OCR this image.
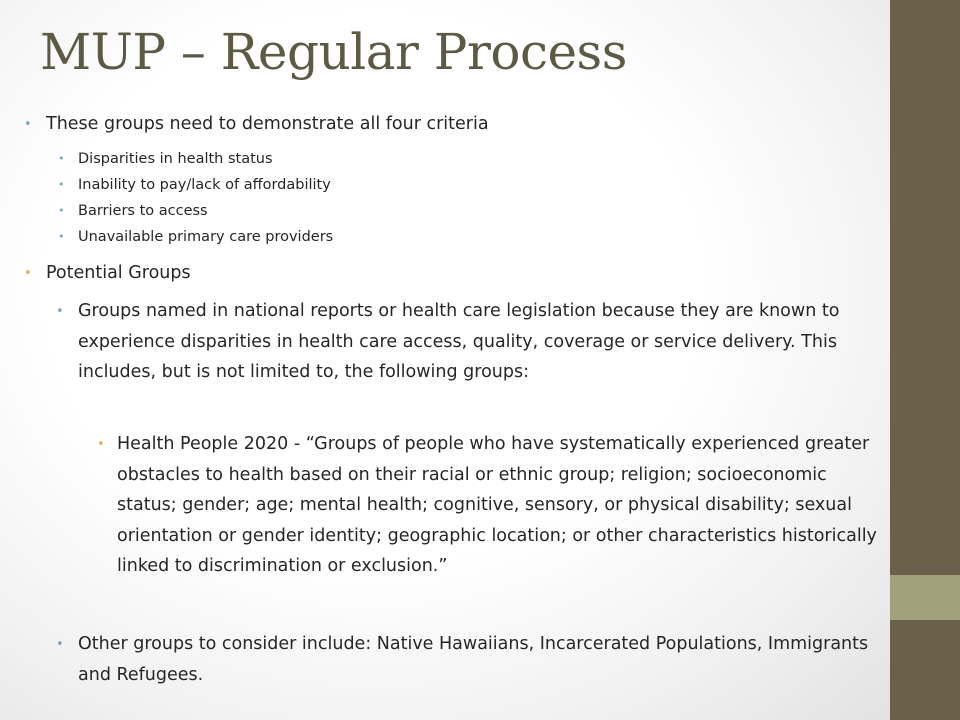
MUP – Regular Process

• These groups need to demonstrate all four criteria

• Disparities in health status

• Inability to pay/lack of affordability

• Barriers to access

• Unavailable primary care providers

• Potential Groups

• Groups named in national reports or health care legislation because they are known to experience disparities in health care access, quality, coverage or service delivery. This includes, but is not limited to, the following groups:

• Health People 2020 - “Groups of people who have systematically experienced greater obstacles to health based on their racial or ethnic group; religion; socioeconomic status; gender; age; mental health; cognitive, sensory, or physical disability; sexual orientation or gender identity; geographic location; or other characteristics historically linked to discrimination or exclusion.”

• Other groups to consider include: Native Hawaiians, Incarcerated Populations, Immigrants and Refugees.
